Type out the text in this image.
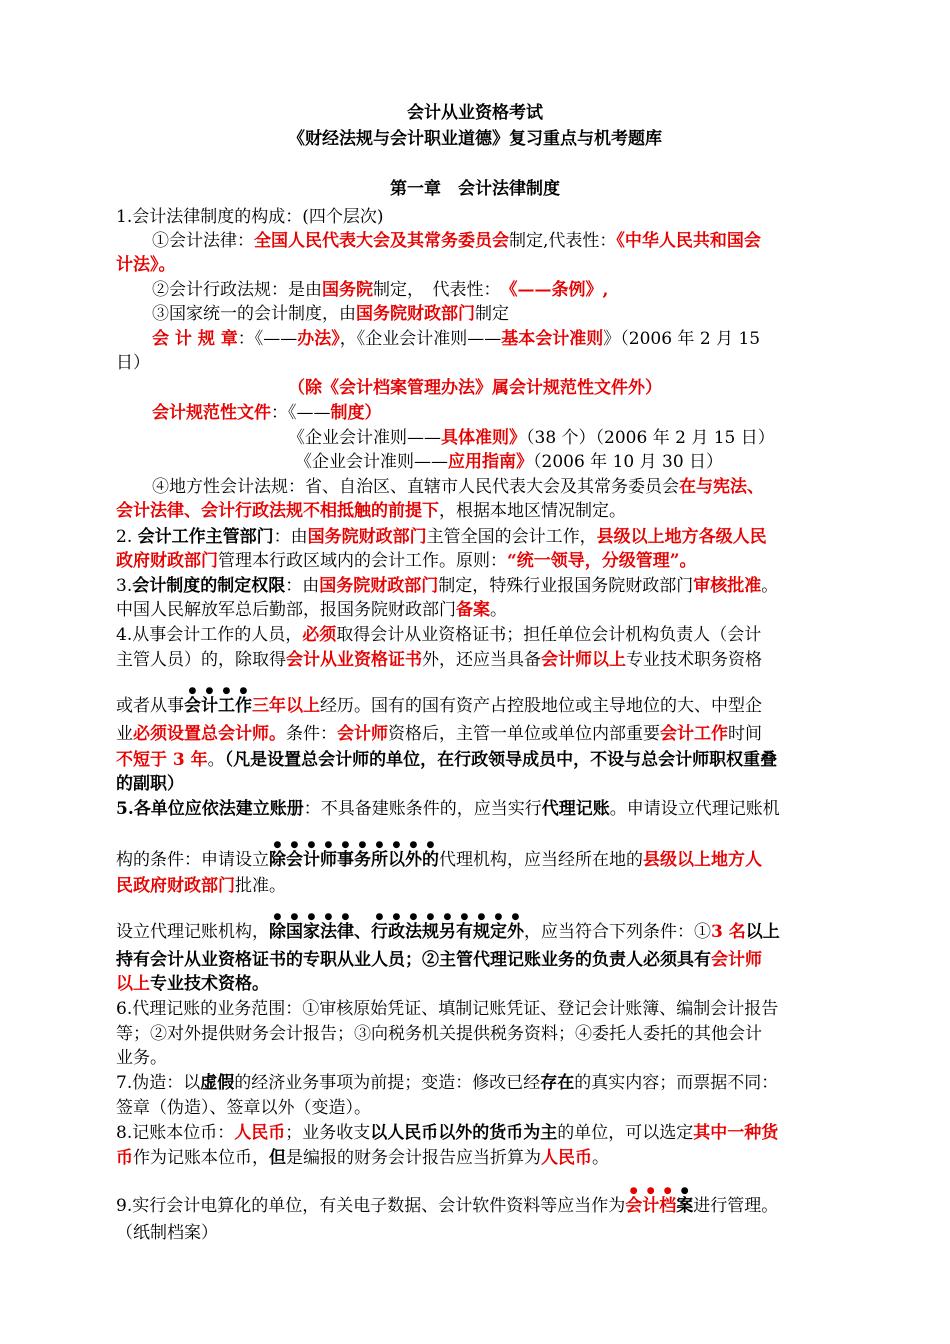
会计从业资格考试
《财经法规与会计职业道德》复习重点与机考题库
第一章　会计法律制度
1.会计法律制度的构成：(四个层次)
①会计法律：全国人民代表大会及其常务委员会制定,代表性：《中华人民共和国会
计法》。
②会计行政法规：是由国务院制定，　代表性：　《——条例》,
③国家统一的会计制度，由国务院财政部门制定
会 计 规 章：《——办法》，《企业会计准则——基本会计准则》（2006 年 2 月 15
日）
（除《会计档案管理办法》属会计规范性文件外）
会计规范性文件：《——制度）
《企业会计准则——具体准则》（38 个）（2006 年 2 月 15 日）
《企业会计准则——应用指南》（2006 年 10 月 30 日）
④地方性会计法规：省、自治区、直辖市人民代表大会及其常务委员会在与宪法、
会计法律、会计行政法规不相抵触的前提下，根据本地区情况制定。
2. 会计工作主管部门：由国务院财政部门主管全国的会计工作，县级以上地方各级人民
政府财政部门管理本行政区域内的会计工作。原则：“统一领导，分级管理”。
3.会计制度的制定权限：由国务院财政部门制定，特殊行业报国务院财政部门审核批准。
中国人民解放军总后勤部，报国务院财政部门备案。
4.从事会计工作的人员，必须取得会计从业资格证书；担任单位会计机构负责人（会计
主管人员）的，除取得会计从业资格证书外，还应当具备会计师以上专业技术职务资格
或者从事会计工作三年以上经历。国有的国有资产占控股地位或主导地位的大、中型企
业必须设置总会计师。条件：会计师资格后，主管一单位或单位内部重要会计工作时间
不短于 3 年。（凡是设置总会计师的单位，在行政领导成员中，不设与总会计师职权重叠
的副职）
5.各单位应依法建立账册：不具备建账条件的，应当实行代理记账。申请设立代理记账机
构的条件：申请设立除会计师事务所以外的代理机构，应当经所在地的县级以上地方人
民政府财政部门批准。
设立代理记账机构，除国家法律、行政法规另有规定外，应当符合下列条件：①3 名以上
持有会计从业资格证书的专职从业人员；②主管代理记账业务的负责人必须具有会计师
以上专业技术资格。
6.代理记账的业务范围：①审核原始凭证、填制记账凭证、登记会计账簿、编制会计报告
等；②对外提供财务会计报告；③向税务机关提供税务资料；④委托人委托的其他会计
业务。
7.伪造：以虚假的经济业务事项为前提；变造：修改已经存在的真实内容；而票据不同：
签章（伪造）、签章以外（变造）。
8.记账本位币：人民币；业务收支以人民币以外的货币为主的单位，可以选定其中一种货
币作为记账本位币，但是编报的财务会计报告应当折算为人民币。
9.实行会计电算化的单位，有关电子数据、会计软件资料等应当作为会计档案进行管理。
（纸制档案）
